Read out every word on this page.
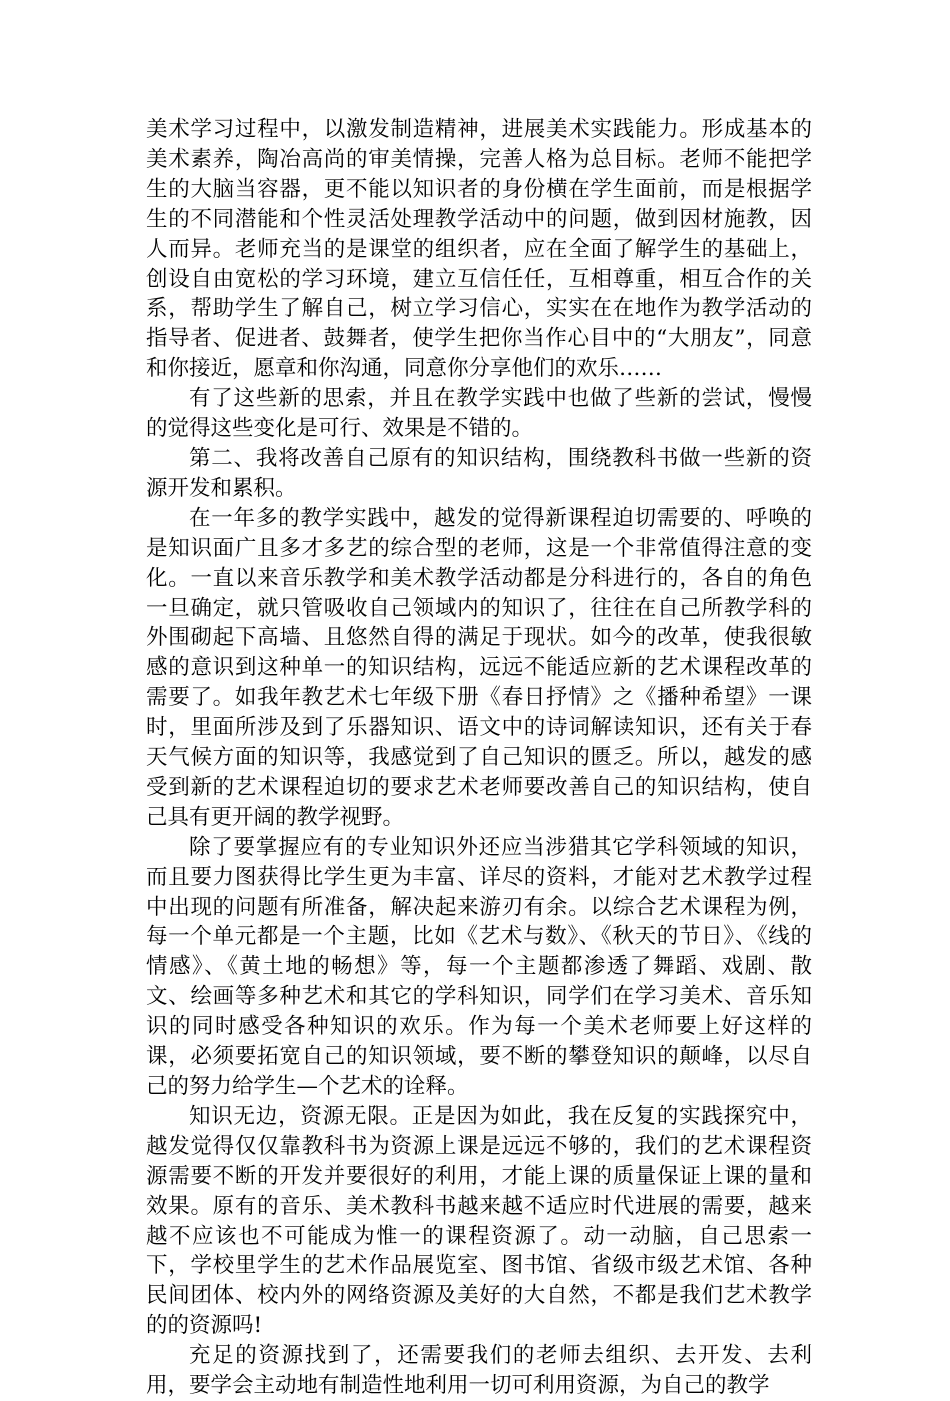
美术学习过程中，以激发制造精神，进展美术实践能力。形成基本的美术素养，陶冶高尚的审美情操，完善人格为总目标。老师不能把学生的大脑当容器，更不能以知识者的身份横在学生面前，而是根据学生的不同潜能和个性灵活处理教学活动中的问题，做到因材施教，因人而异。老师充当的是课堂的组织者，应在全面了解学生的基础上，创设自由宽松的学习环境，建立互信任任，互相尊重，相互合作的关系，帮助学生了解自己，树立学习信心，实实在在地作为教学活动的指导者、促进者、鼓舞者，使学生把你当作心目中的“大朋友”，同意和你接近，愿章和你沟通，同意你分享他们的欢乐……

有了这些新的思索，并且在教学实践中也做了些新的尝试，慢慢的觉得这些变化是可行、效果是不错的。

第二、我将改善自己原有的知识结构，围绕教科书做一些新的资源开发和累积。

在一年多的教学实践中，越发的觉得新课程迫切需要的、呼唤的是知识面广且多才多艺的综合型的老师，这是一个非常值得注意的变化。一直以来音乐教学和美术教学活动都是分科进行的，各自的角色一旦确定，就只管吸收自己领域内的知识了，往往在自己所教学科的外围砌起下高墙、且悠然自得的满足于现状。如今的改革，使我很敏感的意识到这种单一的知识结构，远远不能适应新的艺术课程改革的需要了。如我年教艺术七年级下册《春日抒情》之《播种希望》一课时，里面所涉及到了乐器知识、语文中的诗词解读知识，还有关于春天气候方面的知识等，我感觉到了自己知识的匮乏。所以，越发的感受到新的艺术课程迫切的要求艺术老师要改善自己的知识结构，使自己具有更开阔的教学视野。

除了要掌握应有的专业知识外还应当涉猎其它学科领域的知识，而且要力图获得比学生更为丰富、详尽的资料，才能对艺术教学过程中出现的问题有所准备，解决起来游刃有余。以综合艺术课程为例，每一个单元都是一个主题，比如《艺术与数》、《秋天的节日》、《线的情感》、《黄土地的畅想》等，每一个主题都渗透了舞蹈、戏剧、散文、绘画等多种艺术和其它的学科知识，同学们在学习美术、音乐知识的同时感受各种知识的欢乐。作为每一个美术老师要上好这样的课，必须要拓宽自己的知识领域，要不断的攀登知识的颠峰，以尽自己的努力给学生—个艺术的诠释。

知识无边，资源无限。正是因为如此，我在反复的实践探究中，越发觉得仅仅靠教科书为资源上课是远远不够的，我们的艺术课程资源需要不断的开发并要很好的利用，才能上课的质量保证上课的量和效果。原有的音乐、美术教科书越来越不适应时代进展的需要，越来越不应该也不可能成为惟一的课程资源了。动一动脑，自己思索一下，学校里学生的艺术作品展览室、图书馆、省级市级艺术馆、各种民间团体、校内外的网络资源及美好的大自然，不都是我们艺术教学的的资源吗!

充足的资源找到了，还需要我们的老师去组织、去开发、去利用，要学会主动地有制造性地利用一切可利用资源，为自己的教学
